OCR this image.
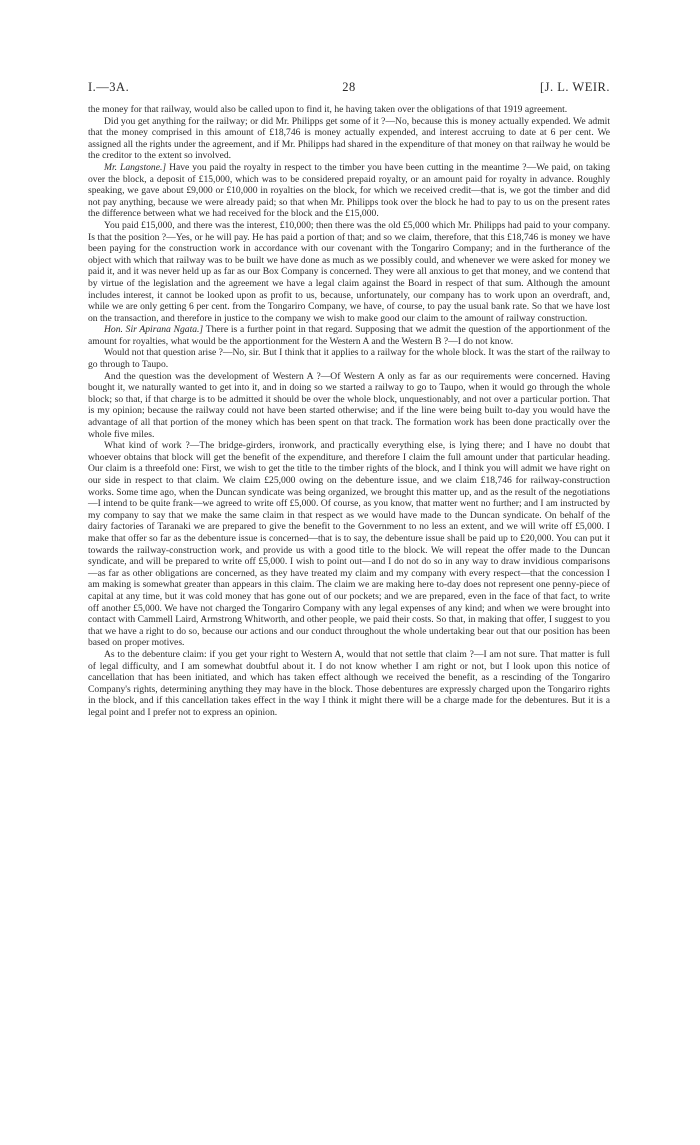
I.—3A.	28	[J. L. WEIR.

the money for that railway, would also be called upon to find it, he having taken over the obligations of that 1919 agreement.

Did you get anything for the railway; or did Mr. Philipps get some of it ?—No, because this is money actually expended. We admit that the money comprised in this amount of £18,746 is money actually expended, and interest accruing to date at 6 per cent. We assigned all the rights under the agreement, and if Mr. Philipps had shared in the expenditure of that money on that railway he would be the creditor to the extent so involved.

Mr. Langstone.] Have you paid the royalty in respect to the timber you have been cutting in the meantime ?—We paid, on taking over the block, a deposit of £15,000, which was to be considered prepaid royalty, or an amount paid for royalty in advance. Roughly speaking, we gave about £9,000 or £10,000 in royalties on the block, for which we received credit—that is, we got the timber and did not pay anything, because we were already paid; so that when Mr. Philipps took over the block he had to pay to us on the present rates the difference between what we had received for the block and the £15,000.

You paid £15,000, and there was the interest, £10,000; then there was the old £5,000 which Mr. Philipps had paid to your company. Is that the position ?—Yes, or he will pay. He has paid a portion of that; and so we claim, therefore, that this £18,746 is money we have been paying for the construction work in accordance with our covenant with the Tongariro Company; and in the furtherance of the object with which that railway was to be built we have done as much as we possibly could, and whenever we were asked for money we paid it, and it was never held up as far as our Box Company is concerned. They were all anxious to get that money, and we contend that by virtue of the legislation and the agreement we have a legal claim against the Board in respect of that sum. Although the amount includes interest, it cannot be looked upon as profit to us, because, unfortunately, our company has to work upon an overdraft, and, while we are only getting 6 per cent. from the Tongariro Company, we have, of course, to pay the usual bank rate. So that we have lost on the transaction, and therefore in justice to the company we wish to make good our claim to the amount of railway construction.

Hon. Sir Apirana Ngata.] There is a further point in that regard. Supposing that we admit the question of the apportionment of the amount for royalties, what would be the apportionment for the Western A and the Western B ?—I do not know.

Would not that question arise ?—No, sir. But I think that it applies to a railway for the whole block. It was the start of the railway to go through to Taupo.

And the question was the development of Western A ?—Of Western A only as far as our requirements were concerned. Having bought it, we naturally wanted to get into it, and in doing so we started a railway to go to Taupo, when it would go through the whole block; so that, if that charge is to be admitted it should be over the whole block, unquestionably, and not over a particular portion. That is my opinion; because the railway could not have been started otherwise; and if the line were being built to-day you would have the advantage of all that portion of the money which has been spent on that track. The formation work has been done practically over the whole five miles.

What kind of work ?—The bridge-girders, ironwork, and practically everything else, is lying there; and I have no doubt that whoever obtains that block will get the benefit of the expenditure, and therefore I claim the full amount under that particular heading. Our claim is a threefold one: First, we wish to get the title to the timber rights of the block, and I think you will admit we have right on our side in respect to that claim. We claim £25,000 owing on the debenture issue, and we claim £18,746 for railway-construction works. Some time ago, when the Duncan syndicate was being organized, we brought this matter up, and as the result of the negotiations—I intend to be quite frank—we agreed to write off £5,000. Of course, as you know, that matter went no further; and I am instructed by my company to say that we make the same claim in that respect as we would have made to the Duncan syndicate. On behalf of the dairy factories of Taranaki we are prepared to give the benefit to the Government to no less an extent, and we will write off £5,000. I make that offer so far as the debenture issue is concerned—that is to say, the debenture issue shall be paid up to £20,000. You can put it towards the railway-construction work, and provide us with a good title to the block. We will repeat the offer made to the Duncan syndicate, and will be prepared to write off £5,000. I wish to point out—and I do not do so in any way to draw invidious comparisons—as far as other obligations are concerned, as they have treated my claim and my company with every respect—that the concession I am making is somewhat greater than appears in this claim. The claim we are making here to-day does not represent one penny-piece of capital at any time, but it was cold money that has gone out of our pockets; and we are prepared, even in the face of that fact, to write off another £5,000. We have not charged the Tongariro Company with any legal expenses of any kind; and when we were brought into contact with Cammell Laird, Armstrong Whitworth, and other people, we paid their costs. So that, in making that offer, I suggest to you that we have a right to do so, because our actions and our conduct throughout the whole undertaking bear out that our position has been based on proper motives.

As to the debenture claim: if you get your right to Western A, would that not settle that claim ?—I am not sure. That matter is full of legal difficulty, and I am somewhat doubtful about it. I do not know whether I am right or not, but I look upon this notice of cancellation that has been initiated, and which has taken effect although we received the benefit, as a rescinding of the Tongariro Company's rights, determining anything they may have in the block. Those debentures are expressly charged upon the Tongariro rights in the block, and if this cancellation takes effect in the way I think it might there will be a charge made for the debentures. But it is a legal point and I prefer not to express an opinion.
